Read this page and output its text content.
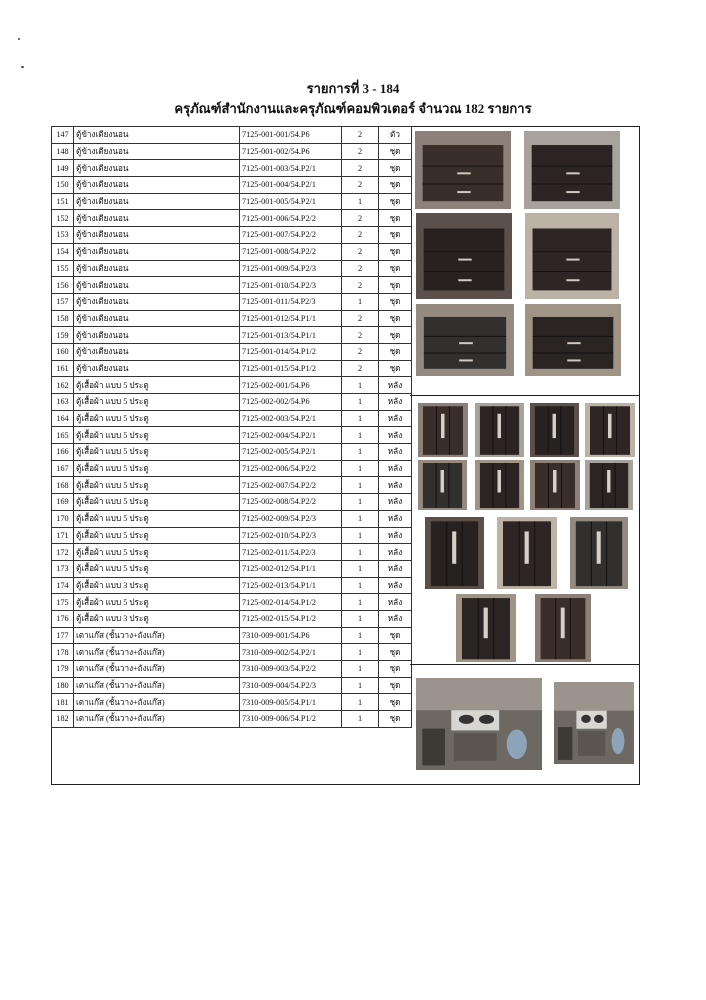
รายการที่ 3 - 184
ครุภัณฑ์สำนักงานและครุภัณฑ์คอมพิวเตอร์ จำนวณ 182 รายการ
147	ตู้ข้างเตียงนอน	7125-001-001/54.P6	2	ตัว
148	ตู้ข้างเตียงนอน	7125-001-002/54.P6	2	ชุด
149	ตู้ข้างเตียงนอน	7125-001-003/54.P2/1	2	ชุด
150	ตู้ข้างเตียงนอน	7125-001-004/54.P2/1	2	ชุด
151	ตู้ข้างเตียงนอน	7125-001-005/54.P2/1	1	ชุด
152	ตู้ข้างเตียงนอน	7125-001-006/54.P2/2	2	ชุด
153	ตู้ข้างเตียงนอน	7125-001-007/54.P2/2	2	ชุด
154	ตู้ข้างเตียงนอน	7125-001-008/54.P2/2	2	ชุด
155	ตู้ข้างเตียงนอน	7125-001-009/54.P2/3	2	ชุด
156	ตู้ข้างเตียงนอน	7125-001-010/54.P2/3	2	ชุด
157	ตู้ข้างเตียงนอน	7125-001-011/54.P2/3	1	ชุด
158	ตู้ข้างเตียงนอน	7125-001-012/54.P1/1	2	ชุด
159	ตู้ข้างเตียงนอน	7125-001-013/54.P1/1	2	ชุด
160	ตู้ข้างเตียงนอน	7125-001-014/54.P1/2	2	ชุด
161	ตู้ข้างเตียงนอน	7125-001-015/54.P1/2	2	ชุด
162	ตู้เสื้อผ้า แบบ 5 ประตู	7125-002-001/54.P6	1	หลัง
163	ตู้เสื้อผ้า แบบ 5 ประตู	7125-002-002/54.P6	1	หลัง
164	ตู้เสื้อผ้า แบบ 5 ประตู	7125-002-003/54.P2/1	1	หลัง
165	ตู้เสื้อผ้า แบบ 5 ประตู	7125-002-004/54.P2/1	1	หลัง
166	ตู้เสื้อผ้า แบบ 5 ประตู	7125-002-005/54.P2/1	1	หลัง
167	ตู้เสื้อผ้า แบบ 5 ประตู	7125-002-006/54.P2/2	1	หลัง
168	ตู้เสื้อผ้า แบบ 5 ประตู	7125-002-007/54.P2/2	1	หลัง
169	ตู้เสื้อผ้า แบบ 5 ประตู	7125-002-008/54.P2/2	1	หลัง
170	ตู้เสื้อผ้า แบบ 5 ประตู	7125-002-009/54.P2/3	1	หลัง
171	ตู้เสื้อผ้า แบบ 5 ประตู	7125-002-010/54.P2/3	1	หลัง
172	ตู้เสื้อผ้า แบบ 5 ประตู	7125-002-011/54.P2/3	1	หลัง
173	ตู้เสื้อผ้า แบบ 5 ประตู	7125-002-012/54.P1/1	1	หลัง
174	ตู้เสื้อผ้า แบบ 3 ประตู	7125-002-013/54.P1/1	1	หลัง
175	ตู้เสื้อผ้า แบบ 5 ประตู	7125-002-014/54.P1/2	1	หลัง
176	ตู้เสื้อผ้า แบบ 3 ประตู	7125-002-015/54.P1/2	1	หลัง
177	เตาแก๊ส (ชั้นวาง+ถังแก๊ส)	7310-009-001/54.P6	1	ชุด
178	เตาแก๊ส (ชั้นวาง+ถังแก๊ส)	7310-009-002/54.P2/1	1	ชุด
179	เตาแก๊ส (ชั้นวาง+ถังแก๊ส)	7310-009-003/54.P2/2	1	ชุด
180	เตาแก๊ส (ชั้นวาง+ถังแก๊ส)	7310-009-004/54.P2/3	1	ชุด
181	เตาแก๊ส (ชั้นวาง+ถังแก๊ส)	7310-009-005/54.P1/1	1	ชุด
182	เตาแก๊ส (ชั้นวาง+ถังแก๊ส)	7310-009-006/54.P1/2	1	ชุด
